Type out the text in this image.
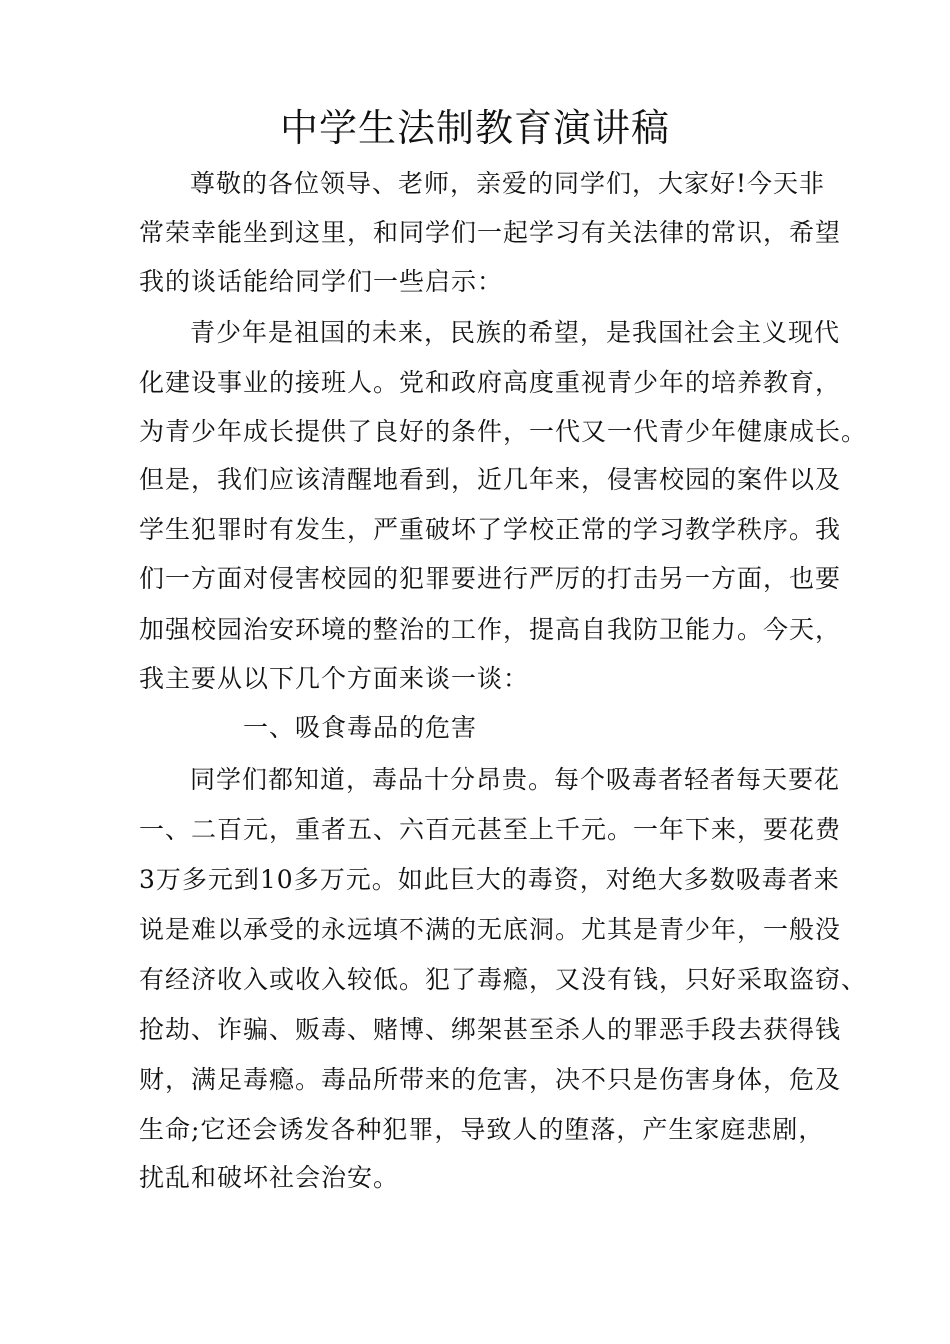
中学生法制教育演讲稿
尊敬的各位领导、老师，亲爱的同学们，大家好!今天非
常荣幸能坐到这里，和同学们一起学习有关法律的常识，希望
我的谈话能给同学们一些启示：
青少年是祖国的未来，民族的希望，是我国社会主义现代
化建设事业的接班人。党和政府高度重视青少年的培养教育，
为青少年成长提供了良好的条件，一代又一代青少年健康成长。
但是，我们应该清醒地看到，近几年来，侵害校园的案件以及
学生犯罪时有发生，严重破坏了学校正常的学习教学秩序。我
们一方面对侵害校园的犯罪要进行严厉的打击另一方面，也要
加强校园治安环境的整治的工作，提高自我防卫能力。今天，
我主要从以下几个方面来谈一谈：
一、吸食毒品的危害
同学们都知道，毒品十分昂贵。每个吸毒者轻者每天要花
一、二百元，重者五、六百元甚至上千元。一年下来，要花费
3万多元到10多万元。如此巨大的毒资，对绝大多数吸毒者来
说是难以承受的永远填不满的无底洞。尤其是青少年，一般没
有经济收入或收入较低。犯了毒瘾，又没有钱，只好采取盗窃、
抢劫、诈骗、贩毒、赌博、绑架甚至杀人的罪恶手段去获得钱
财，满足毒瘾。毒品所带来的危害，决不只是伤害身体，危及
生命;它还会诱发各种犯罪，导致人的堕落，产生家庭悲剧，
扰乱和破坏社会治安。
